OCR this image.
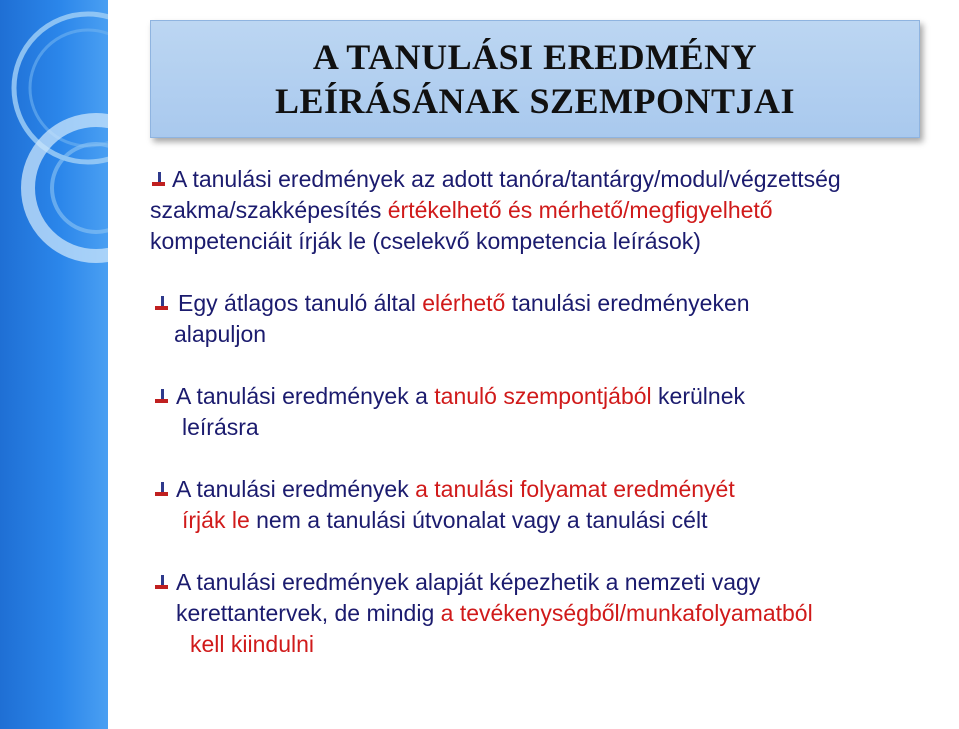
A TANULÁSI EREDMÉNY
LEÍRÁSÁNAK SZEMPONTJAI
A tanulási eredmények az adott tanóra/tantárgy/modul/végzettség
szakma/szakképesítés értékelhető és mérhető/megfigyelhető
kompetenciáit írják le (cselekvő kompetencia leírások)
Egy átlagos tanuló által elérhető tanulási eredményeken
alapuljon
A tanulási eredmények a tanuló szempontjából kerülnek
leírásra
A tanulási eredmények a tanulási folyamat eredményét
írják le nem a tanulási útvonalat vagy a tanulási célt
A tanulási eredmények alapját képezhetik a nemzeti vagy
kerettantervek, de mindig a tevékenységből/munkafolyamatból
kell kiindulni
